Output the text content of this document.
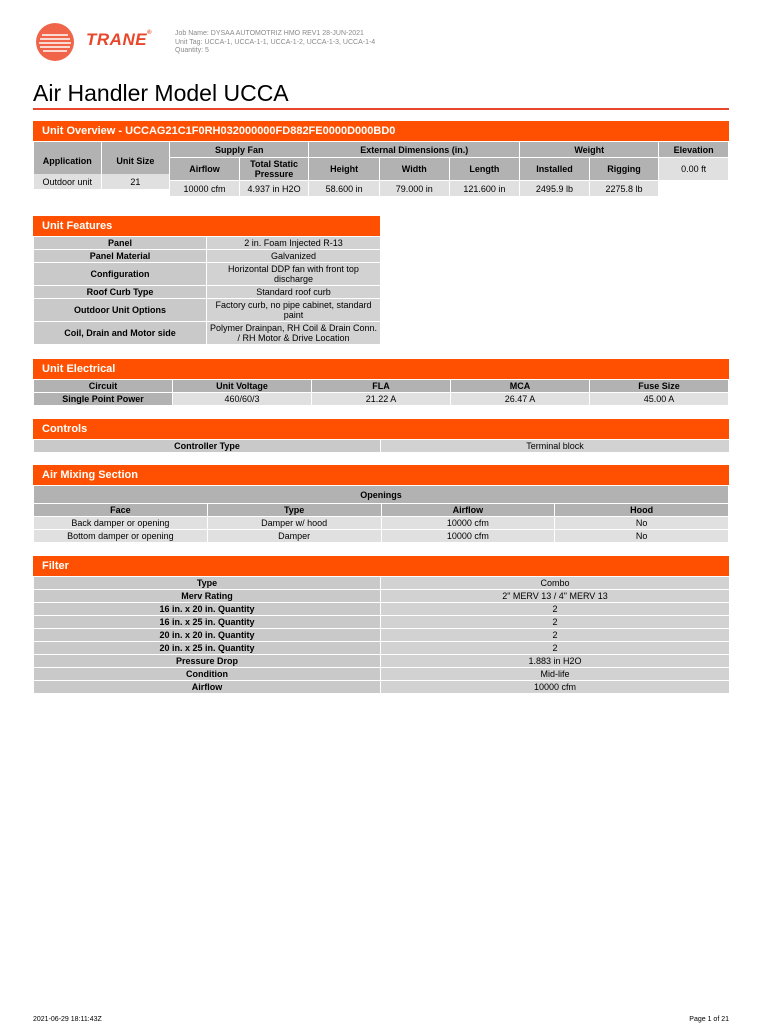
TRANE®	Job Name: DYSAA AUTOMOTRIZ HMO REV1 28-JUN-2021
Unit Tag: UCCA-1, UCCA-1-1, UCCA-1-2, UCCA-1-3, UCCA-1-4
Quantity: 5
Air Handler Model UCCA
Unit Overview - UCCAG21C1F0RH032000000FD882FE0000D000BD0
Application	Unit Size	Supply Fan		External Dimensions (in.)			Weight		Elevation
		Airflow	Total Static Pressure	Height	Width	Length	Installed	Rigging	0.00 ft

Outdoor unit	21	10000 cfm	4.937 in H2O	58.600 in	79.000 in	121.600 in	2495.9 lb	2275.8 lb	
Unit Features
Panel	2 in. Foam Injected R-13
Panel Material	Galvanized
Configuration	Horizontal DDP fan with front top discharge
Roof Curb Type	Standard roof curb
Outdoor Unit Options	Factory curb, no pipe cabinet, standard paint
Coil, Drain and Motor side	Polymer Drainpan, RH Coil & Drain Conn. / RH Motor & Drive Location
Unit Electrical
Circuit	Unit Voltage	FLA	MCA	Fuse Size
Single Point Power	460/60/3	21.22 A	26.47 A	45.00 A
Controls
Controller Type	Terminal block
Air Mixing Section
Openings			
Face	Type	Airflow	Hood
Back damper or opening	Damper w/ hood	10000 cfm	No
Bottom damper or opening	Damper	10000 cfm	No
Filter
Type	Combo
Merv Rating	2" MERV 13 / 4" MERV 13
16 in. x 20 in. Quantity	2
16 in. x 25 in. Quantity	2
20 in. x 20 in. Quantity	2
20 in. x 25 in. Quantity	2
Pressure Drop	1.883 in H2O
Condition	Mid-life
Airflow	10000 cfm
2021-06-29 18:11:43Z	Page 1 of 21
